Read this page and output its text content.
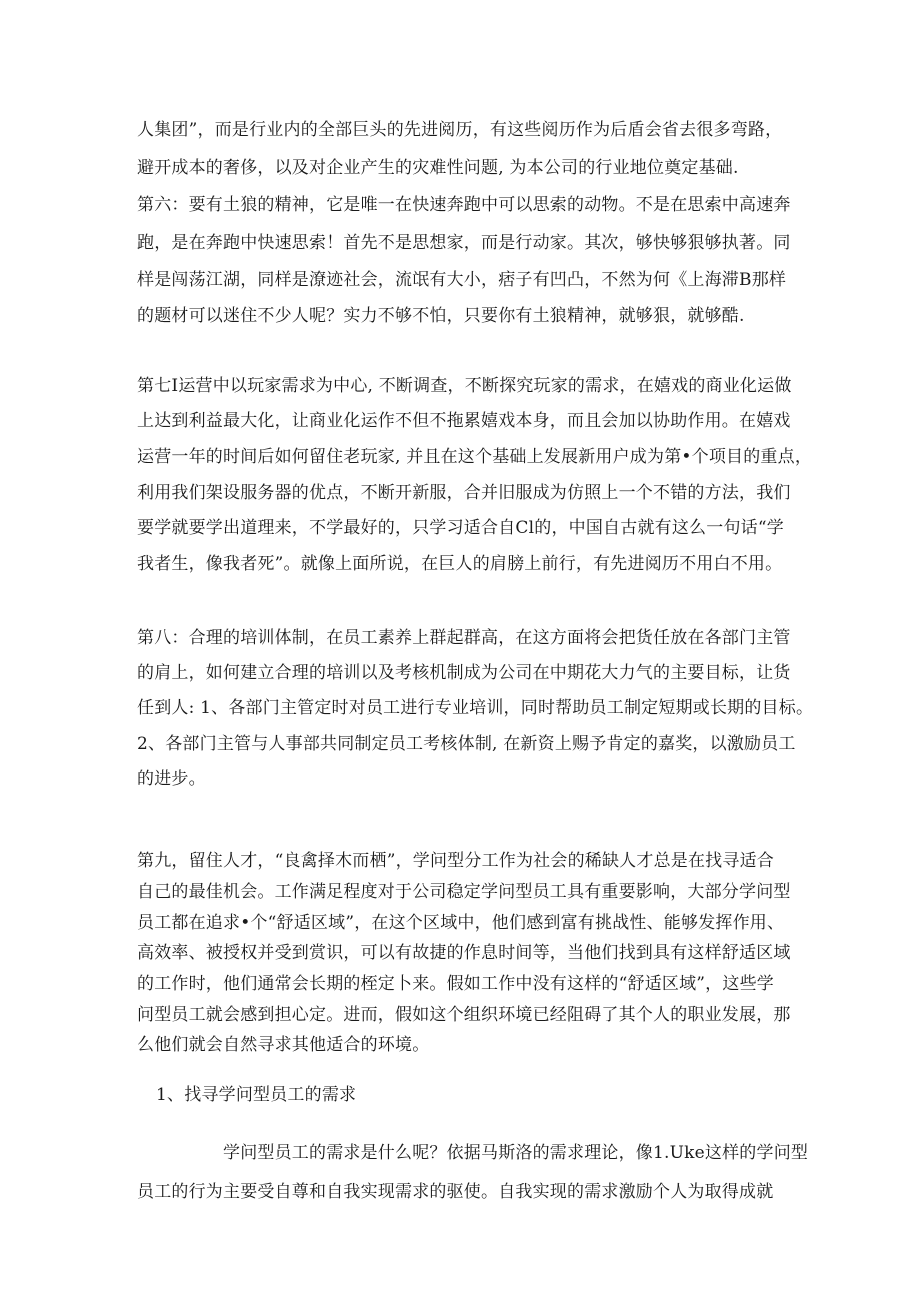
人集团”，而是行业内的全部巨头的先进阅历，有这些阅历作为后盾会省去很多弯路，
避开成本的奢侈，以及对企业产生的灾难性问题, 为本公司的行业地位奠定基础.
第六：要有土狼的精神，它是唯一在快速奔跑中可以思索的动物。不是在思索中高速奔
跑，是在奔跑中快速思索！首先不是思想家，而是行动家。其次，够快够狠够执著。同
样是闯荡江湖，同样是潦迹社会，流氓有大小，痞子有凹凸，不然为何《上海滞B那样
的题材可以迷住不少人呢？实力不够不怕，只要你有土狼精神，就够狠，就够酷.
第七I运营中以玩家需求为中心, 不断调查，不断探究玩家的需求，在嬉戏的商业化运做
上达到利益最大化，让商业化运作不但不拖累嬉戏本身，而且会加以协助作用。在嬉戏
运营一年的时间后如何留住老玩家, 并且在这个基础上发展新用户成为第•个项目的重点，
利用我们架设服务器的优点，不断开新服，合并旧服成为仿照上一个不错的方法，我们
要学就要学出道理来，不学最好的，只学习适合自Cl的，中国自古就有这么一句话“学
我者生，像我者死”。就像上面所说，在巨人的肩膀上前行，有先进阅历不用白不用。
第八：合理的培训体制，在员工素养上群起群高，在这方面将会把货任放在各部门主管
的肩上，如何建立合理的培训以及考核机制成为公司在中期花大力气的主要目标，让货
任到人: 1、各部门主管定时对员工进行专业培训，同时帮助员工制定短期或长期的目标。
2、各部门主管与人事部共同制定员工考核体制, 在新资上赐予肯定的嘉奖，以激励员工
的进步。
第九，留住人才，“良禽择木而栖”，学问型分工作为社会的稀缺人才总是在找寻适合
自己的最佳机会。工作满足程度对于公司稳定学问型员工具有重要影响，大部分学问型
员工都在追求•个“舒适区域”，在这个区域中，他们感到富有挑战性、能够发挥作用、
高效率、被授权并受到赏识，可以有故捷的作息时间等，当他们找到具有这样舒适区域
的工作时，他们通常会长期的桎定卜来。假如工作中没有这样的“舒适区域”，这些学
问型员工就会感到担心定。进而，假如这个组织环境已经阻碍了其个人的职业发展，那
么他们就会自然寻求其他适合的环境。
1、找寻学问型员工的需求
学问型员工的需求是什么呢？依据马斯洛的需求理论，像1.Uke这样的学问型
员工的行为主要受自尊和自我实现需求的驱使。自我实现的需求激励个人为取得成就
